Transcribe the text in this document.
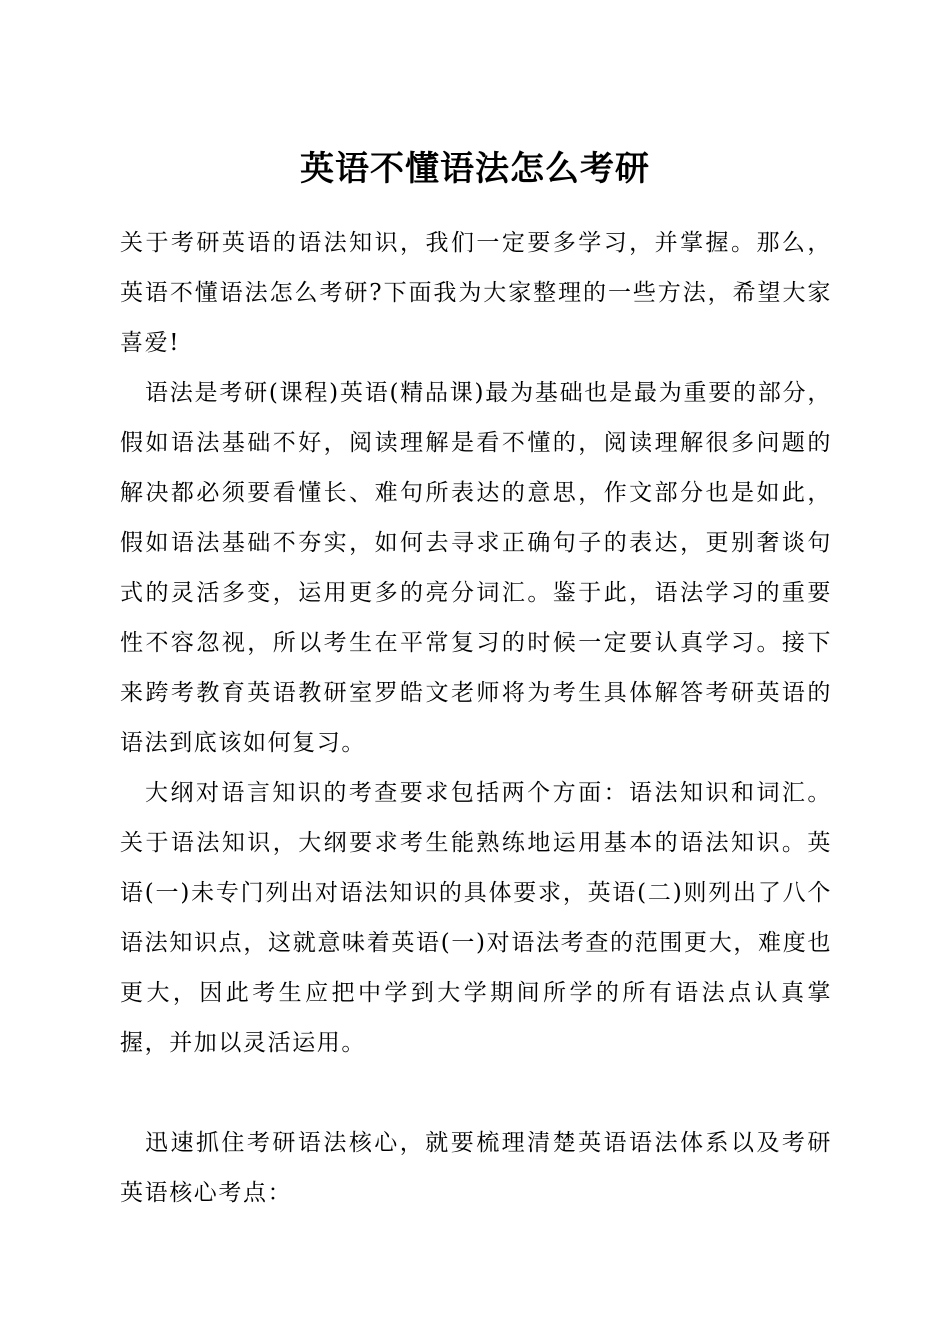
英语不懂语法怎么考研

关于考研英语的语法知识，我们一定要多学习，并掌握。那么，英语不懂语法怎么考研?下面我为大家整理的一些方法，希望大家喜爱!

语法是考研(课程)英语(精品课)最为基础也是最为重要的部分，假如语法基础不好，阅读理解是看不懂的，阅读理解很多问题的解决都必须要看懂长、难句所表达的意思，作文部分也是如此，假如语法基础不夯实，如何去寻求正确句子的表达，更别奢谈句式的灵活多变，运用更多的亮分词汇。鉴于此，语法学习的重要性不容忽视，所以考生在平常复习的时候一定要认真学习。接下来跨考教育英语教研室罗皓文老师将为考生具体解答考研英语的语法到底该如何复习。

大纲对语言知识的考查要求包括两个方面：语法知识和词汇。关于语法知识，大纲要求考生能熟练地运用基本的语法知识。英语(一)未专门列出对语法知识的具体要求，英语(二)则列出了八个语法知识点，这就意味着英语(一)对语法考查的范围更大，难度也更大，因此考生应把中学到大学期间所学的所有语法点认真掌握，并加以灵活运用。

迅速抓住考研语法核心，就要梳理清楚英语语法体系以及考研英语核心考点：
